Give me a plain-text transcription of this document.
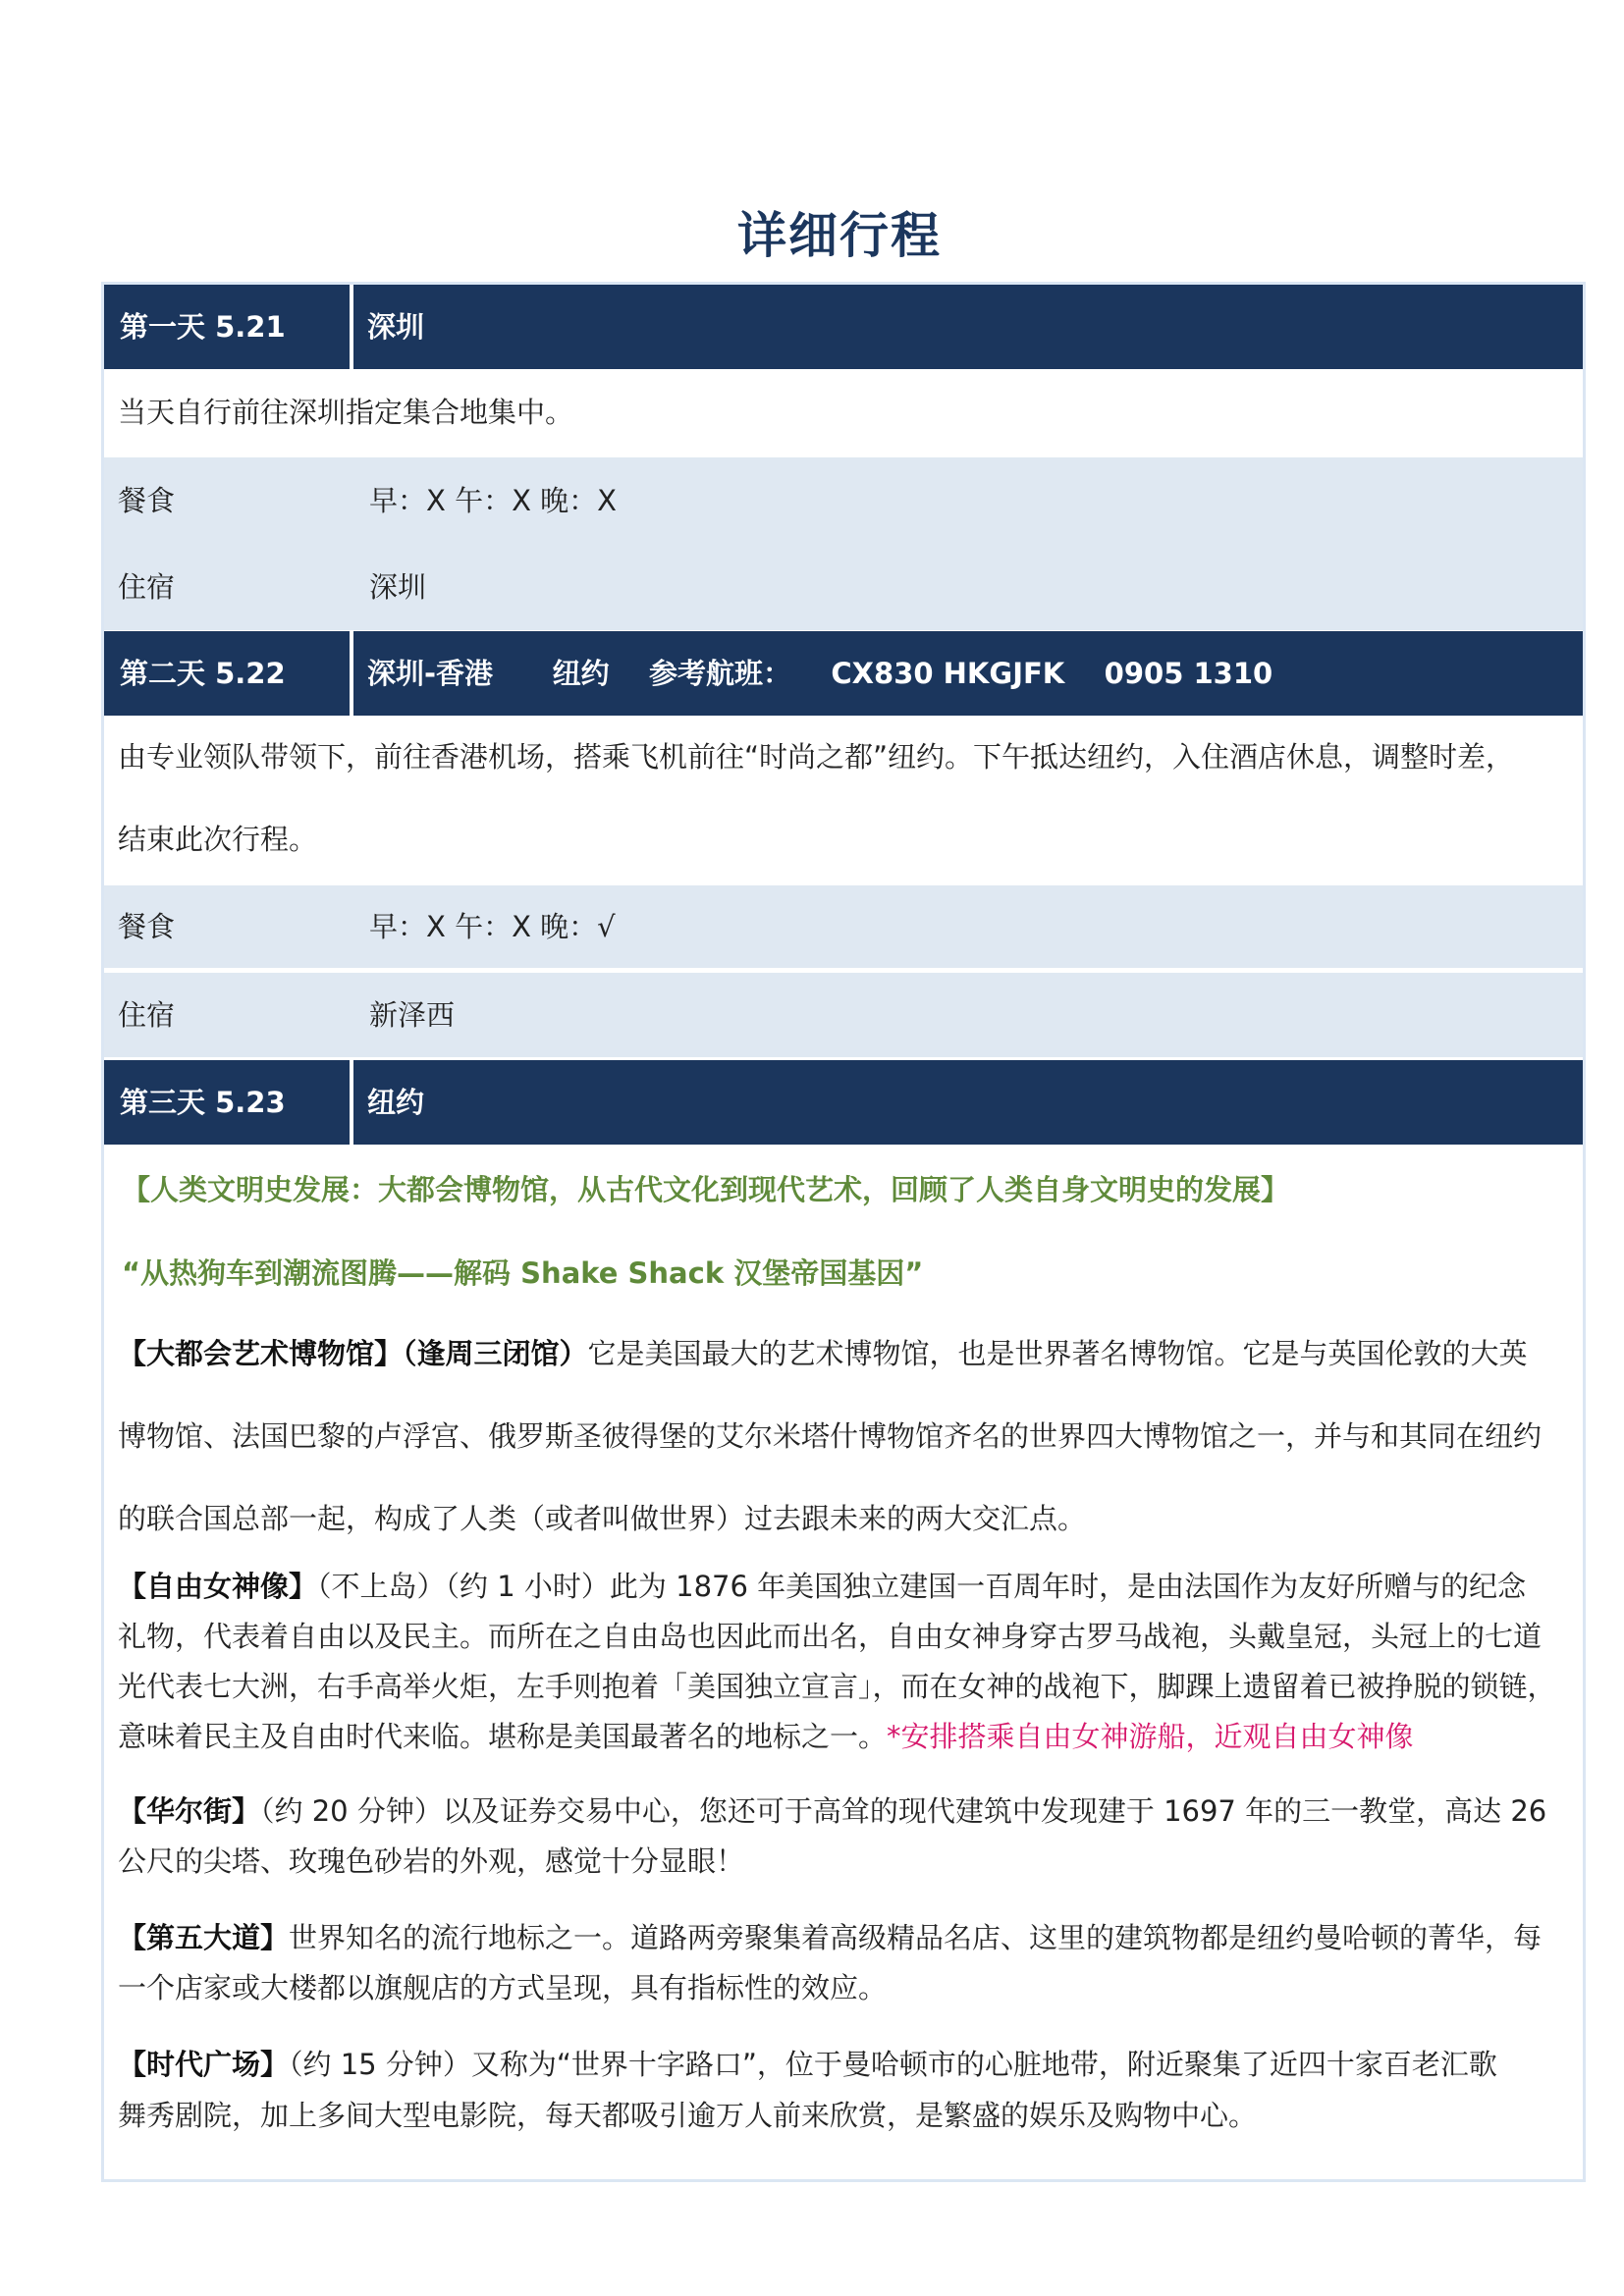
详细行程
第一天 5.21	深圳
当天自行前往深圳指定集合地集中。
餐食	早：X 午：X 晚：X
住宿	深圳
第二天 5.22	深圳-香港      纽约    参考航班：    CX830 HKGJFK    0905 1310
由专业领队带领下，前往香港机场，搭乘飞机前往“时尚之都”纽约。下午抵达纽约，入住酒店休息，调整时差，
结束此次行程。
餐食	早：X 午：X 晚：√
住宿	新泽西
第三天 5.23	纽约
【人类文明史发展：大都会博物馆，从古代文化到现代艺术，回顾了人类自身文明史的发展】
“从热狗车到潮流图腾——解码 Shake Shack 汉堡帝国基因”
【大都会艺术博物馆】（逢周三闭馆）它是美国最大的艺术博物馆，也是世界著名博物馆。它是与英国伦敦的大英
博物馆、法国巴黎的卢浮宫、俄罗斯圣彼得堡的艾尔米塔什博物馆齐名的世界四大博物馆之一，并与和其同在纽约
的联合国总部一起，构成了人类（或者叫做世界）过去跟未来的两大交汇点。
【自由女神像】（不上岛）（约 1 小时）此为 1876 年美国独立建国一百周年时，是由法国作为友好所赠与的纪念
礼物，代表着自由以及民主。而所在之自由岛也因此而出名，自由女神身穿古罗马战袍，头戴皇冠，头冠上的七道
光代表七大洲，右手高举火炬，左手则抱着「美国独立宣言」，而在女神的战袍下，脚踝上遗留着已被挣脱的锁链，
意味着民主及自由时代来临。堪称是美国最著名的地标之一。*安排搭乘自由女神游船，近观自由女神像
【华尔街】（约 20 分钟）以及证券交易中心，您还可于高耸的现代建筑中发现建于 1697 年的三一教堂，高达 26
公尺的尖塔、玫瑰色砂岩的外观，感觉十分显眼！
【第五大道】世界知名的流行地标之一。道路两旁聚集着高级精品名店、这里的建筑物都是纽约曼哈顿的菁华，每
一个店家或大楼都以旗舰店的方式呈现，具有指标性的效应。
【时代广场】（约 15 分钟）又称为“世界十字路口”，位于曼哈顿市的心脏地带，附近聚集了近四十家百老汇歌
舞秀剧院，加上多间大型电影院，每天都吸引逾万人前来欣赏，是繁盛的娱乐及购物中心。
